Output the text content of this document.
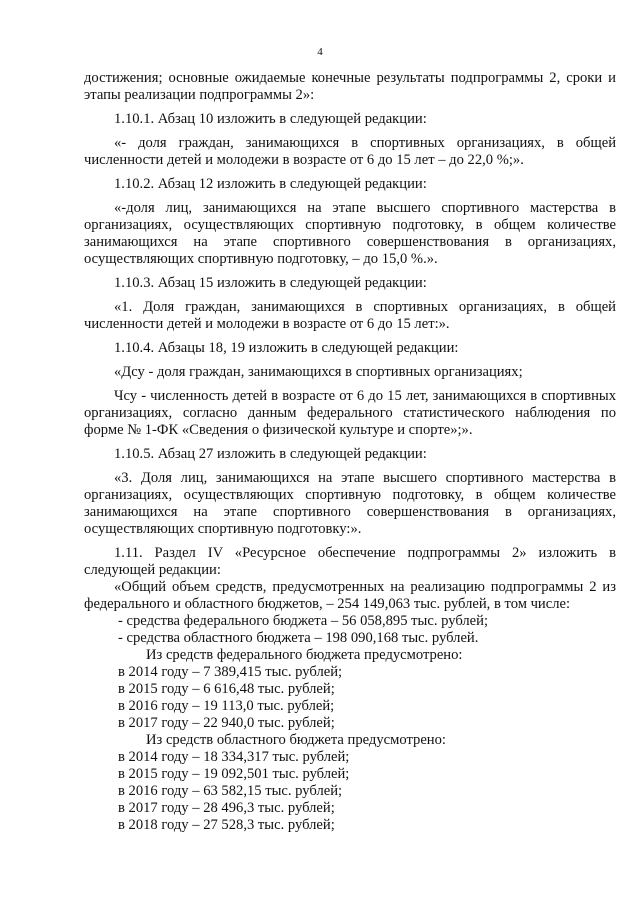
4

достижения; основные ожидаемые конечные результаты подпрограммы 2, сроки и этапы реализации подпрограммы 2»:

1.10.1. Абзац 10 изложить в следующей редакции:

«- доля граждан, занимающихся в спортивных организациях, в общей численности детей и молодежи в возрасте от 6 до 15 лет – до 22,0 %;».

1.10.2. Абзац 12 изложить в следующей редакции:

«-доля лиц, занимающихся на этапе высшего спортивного мастерства в организациях, осуществляющих спортивную подготовку, в общем количестве занимающихся на этапе спортивного совершенствования в организациях, осуществляющих спортивную подготовку, – до 15,0 %.».

1.10.3. Абзац 15 изложить в следующей редакции:

«1. Доля граждан, занимающихся в спортивных организациях, в общей численности детей и молодежи в возрасте от 6 до 15 лет:».

1.10.4. Абзацы 18, 19 изложить в следующей редакции:

«Дсу - доля граждан, занимающихся в спортивных организациях;

Чсу - численность детей в возрасте от 6 до 15 лет, занимающихся в спортивных организациях, согласно данным федерального статистического наблюдения по форме № 1-ФК «Сведения о физической культуре и спорте»;».

1.10.5. Абзац 27 изложить в следующей редакции:

«3. Доля лиц, занимающихся на этапе высшего спортивного мастерства в организациях, осуществляющих спортивную подготовку, в общем количестве занимающихся на этапе спортивного совершенствования в организациях, осуществляющих спортивную подготовку:».

1.11. Раздел IV «Ресурсное обеспечение подпрограммы 2» изложить в следующей редакции:

«Общий объем средств, предусмотренных на реализацию подпрограммы 2 из федерального и областного бюджетов, – 254 149,063 тыс. рублей, в том числе:

- средства федерального бюджета – 56 058,895 тыс. рублей;
- средства областного бюджета – 198 090,168 тыс. рублей.
Из средств федерального бюджета предусмотрено:
в 2014 году – 7 389,415 тыс. рублей;
в 2015 году – 6 616,48 тыс. рублей;
в 2016 году – 19 113,0 тыс. рублей;
в 2017 году – 22 940,0 тыс. рублей;
Из средств областного бюджета предусмотрено:
в 2014 году – 18 334,317 тыс. рублей;
в 2015 году – 19 092,501 тыс. рублей;
в 2016 году – 63 582,15 тыс. рублей;
в 2017 году – 28 496,3 тыс. рублей;
в 2018 году – 27 528,3 тыс. рублей;
